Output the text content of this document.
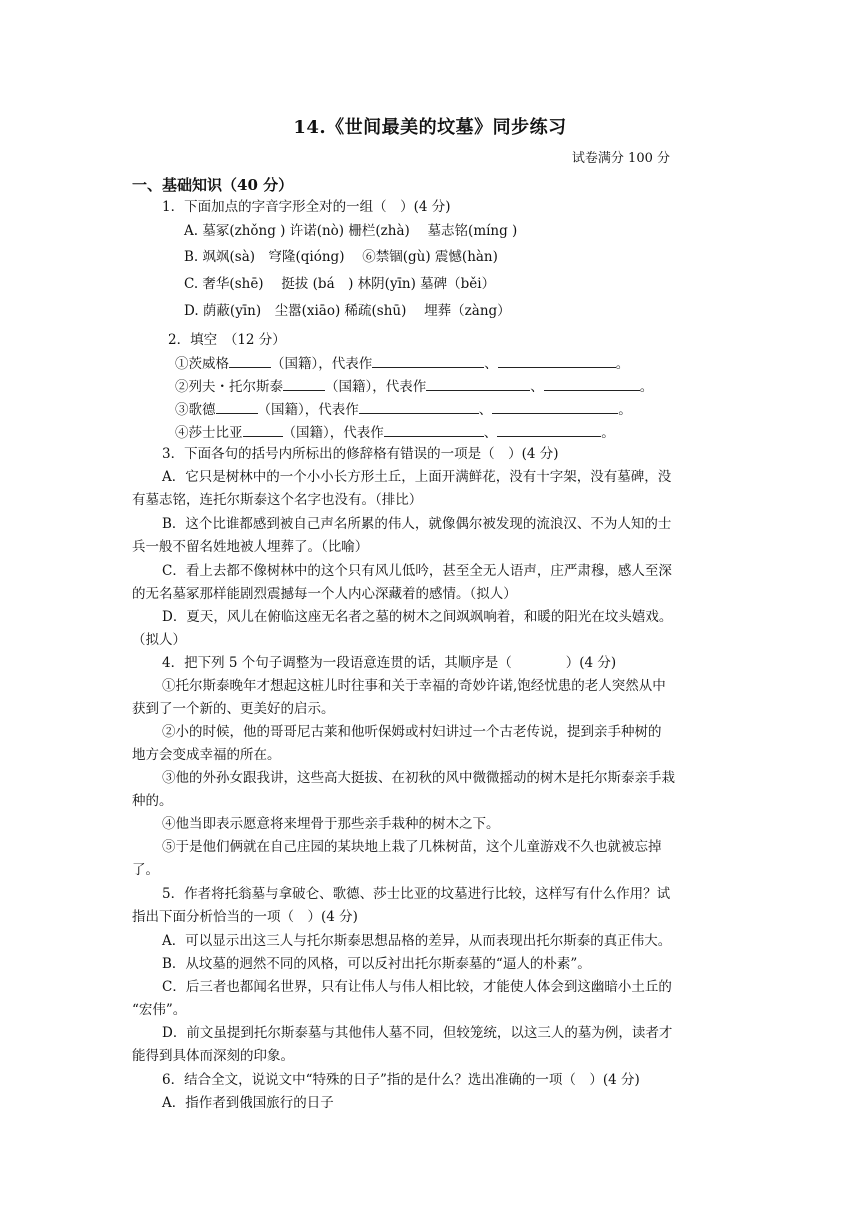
14.《世间最美的坟墓》同步练习
试卷满分 100 分
一、基础知识（40 分）
1．下面加点的字音字形全对的一组（　）(4 分)
A. 墓冢(zhǒng ) 许诺(nò) 栅栏(zhà)　 墓志铭(míng )
B. 飒飒(sà)　穹隆(qióng)　 ⑥禁锢(gù) 震憾(hàn)
C. 奢华(shē)　 挺拔 (bá　) 林阴(yīn) 墓碑（běi）
D. 荫蔽(yīn)　尘嚣(xiāo) 稀疏(shū)　 埋葬（zàng）
2．填空　（12 分）
①茨威格	（国籍），代表作	、	。
②列夫・托尔斯泰	（国籍），代表作	、	。
③歌德	（国籍），代表作	、	。
④莎士比亚	（国籍），代表作	、	。
3．下面各句的括号内所标出的修辞格有错误的一项是（　）(4 分)
A．它只是树林中的一个小小长方形土丘，上面开满鲜花，没有十字架，没有墓碑，没
有墓志铭，连托尔斯泰这个名字也没有。（排比）
B．这个比谁都感到被自己声名所累的伟人，就像偶尔被发现的流浪汉、不为人知的士
兵一般不留名姓地被人埋葬了。（比喻）
C．看上去都不像树林中的这个只有风儿低吟，甚至全无人语声，庄严肃穆，感人至深
的无名墓冢那样能剧烈震撼每一个人内心深藏着的感情。（拟人）
D．夏天，风儿在俯临这座无名者之墓的树木之间飒飒响着，和暖的阳光在坟头嬉戏。
（拟人）
4．把下列 5 个句子调整为一段语意连贯的话，其顺序是（　　　　）(4 分)
①托尔斯泰晚年才想起这桩儿时往事和关于幸福的奇妙许诺,饱经忧患的老人突然从中
获到了一个新的、更美好的启示。
②小的时候，他的哥哥尼古莱和他听保姆或村妇讲过一个古老传说，提到亲手种树的
地方会变成幸福的所在。
③他的外孙女跟我讲，这些高大挺拔、在初秋的风中微微摇动的树木是托尔斯泰亲手栽
种的。
④他当即表示愿意将来埋骨于那些亲手栽种的树木之下。
⑤于是他们俩就在自己庄园的某块地上栽了几株树苗，这个儿童游戏不久也就被忘掉
了。
5．作者将托翁墓与拿破仑、歌德、莎士比亚的坟墓进行比较，这样写有什么作用？试
指出下面分析恰当的一项（　）(4 分)
A．可以显示出这三人与托尔斯泰思想品格的差异，从而表现出托尔斯泰的真正伟大。
B．从坟墓的迥然不同的风格，可以反衬出托尔斯泰墓的“逼人的朴素”。
C．后三者也都闻名世界，只有让伟人与伟人相比较，才能使人体会到这幽暗小土丘的
“宏伟”。
D．前文虽提到托尔斯泰墓与其他伟人墓不同，但较笼统，以这三人的墓为例，读者才
能得到具体而深刻的印象。
6．结合全文，说说文中“特殊的日子”指的是什么？选出准确的一项（　）(4 分)
A．指作者到俄国旅行的日子
